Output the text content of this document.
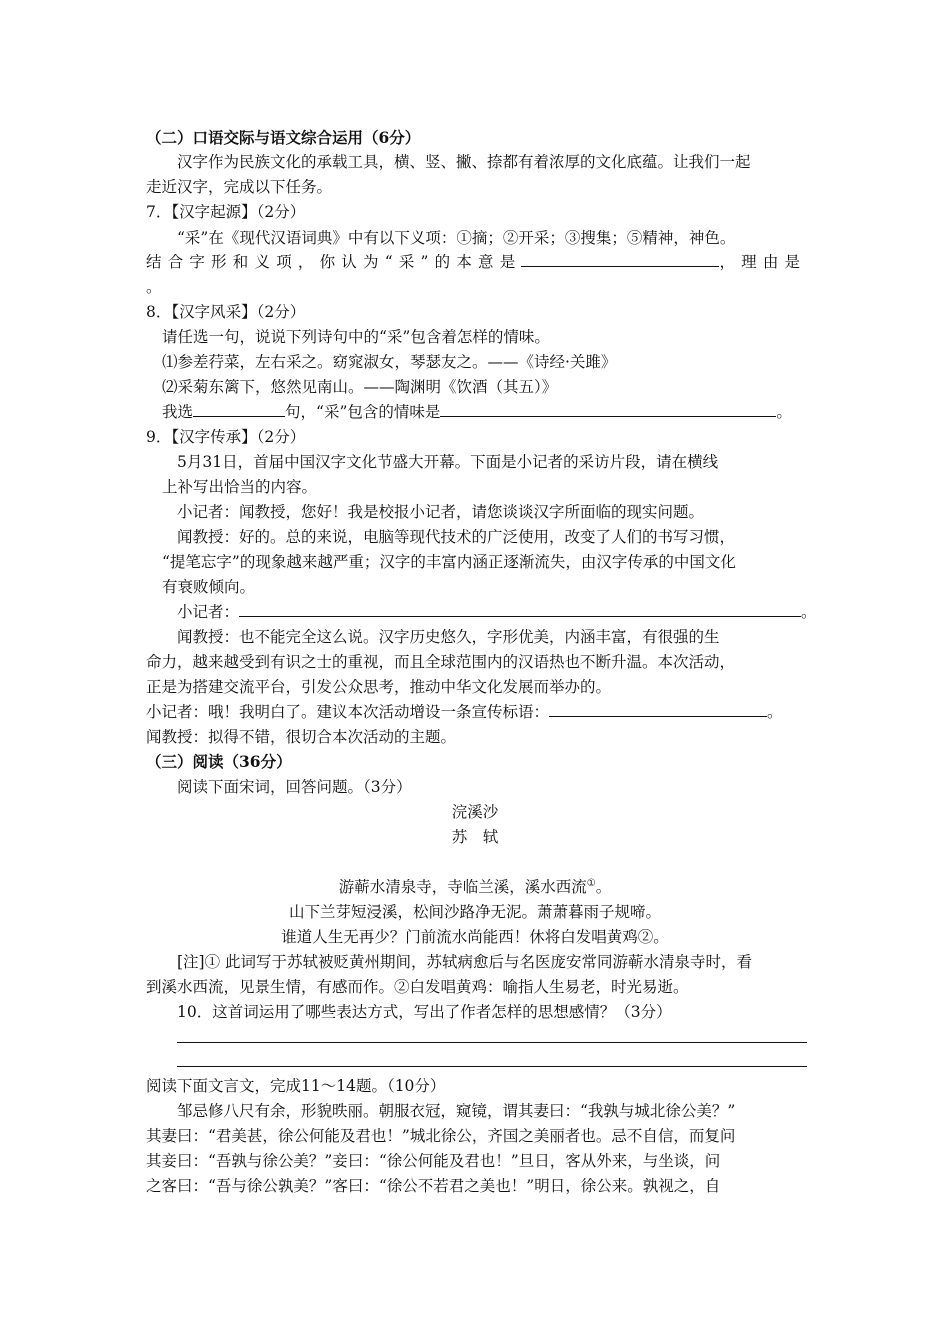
（二）口语交际与语文综合运用（6分）
汉字作为民族文化的承载工具，横、竖、撇、捺都有着浓厚的文化底蕴。让我们一起
走近汉字，完成以下任务。
7．【汉字起源】（2分）
“采”在《现代汉语词典》中有以下义项：①摘；②开采；③搜集；⑤精神，神色。
结合字形和义项，你认为“采”的本意是	，理由是
。
8．【汉字风采】（2分）
请任选一句，说说下列诗句中的“采”包含着怎样的情味。
⑴参差荇菜，左右采之。窈窕淑女，琴瑟友之。——《诗经·关雎》
⑵采菊东篱下，悠然见南山。——陶渊明《饮酒（其五）》
我选	句，“采”包含的情味是	。
9．【汉字传承】（2分）
5月31日，首届中国汉字文化节盛大开幕。下面是小记者的采访片段，请在横线
上补写出恰当的内容。
小记者：闻教授，您好！我是校报小记者，请您谈谈汉字所面临的现实问题。
闻教授：好的。总的来说，电脑等现代技术的广泛使用，改变了人们的书写习惯，
“提笔忘字”的现象越来越严重；汉字的丰富内涵正逐渐流失，由汉字传承的中国文化
有衰败倾向。
小记者：	。
闻教授：也不能完全这么说。汉字历史悠久，字形优美，内涵丰富，有很强的生
命力，越来越受到有识之士的重视，而且全球范围内的汉语热也不断升温。本次活动，
正是为搭建交流平台，引发公众思考，推动中华文化发展而举办的。
小记者：哦！我明白了。建议本次活动增设一条宣传标语：	。
闻教授：拟得不错，很切合本次活动的主题。
（三）阅读（36分）
阅读下面宋词，回答问题。（3分）
浣溪沙
苏　轼
游蕲水清泉寺，寺临兰溪，溪水西流①。
山下兰芽短浸溪，松间沙路净无泥。萧萧暮雨子规啼。
谁道人生无再少？门前流水尚能西！休将白发唱黄鸡②。
[注]① 此词写于苏轼被贬黄州期间，苏轼病愈后与名医庞安常同游蕲水清泉寺时，看
到溪水西流，见景生情，有感而作。②白发唱黄鸡：喻指人生易老，时光易逝。
10．这首词运用了哪些表达方式，写出了作者怎样的思想感情？（3分）
阅读下面文言文，完成11～14题。（10分）
邹忌修八尺有余，形貌昳丽。朝服衣冠，窥镜，谓其妻曰：“我孰与城北徐公美？”
其妻曰：“君美甚，徐公何能及君也！”城北徐公，齐国之美丽者也。忌不自信，而复问
其妾曰：“吾孰与徐公美？”妾曰：“徐公何能及君也！”旦日，客从外来，与坐谈，问
之客曰：“吾与徐公孰美？”客曰：“徐公不若君之美也！”明日，徐公来。孰视之，自
